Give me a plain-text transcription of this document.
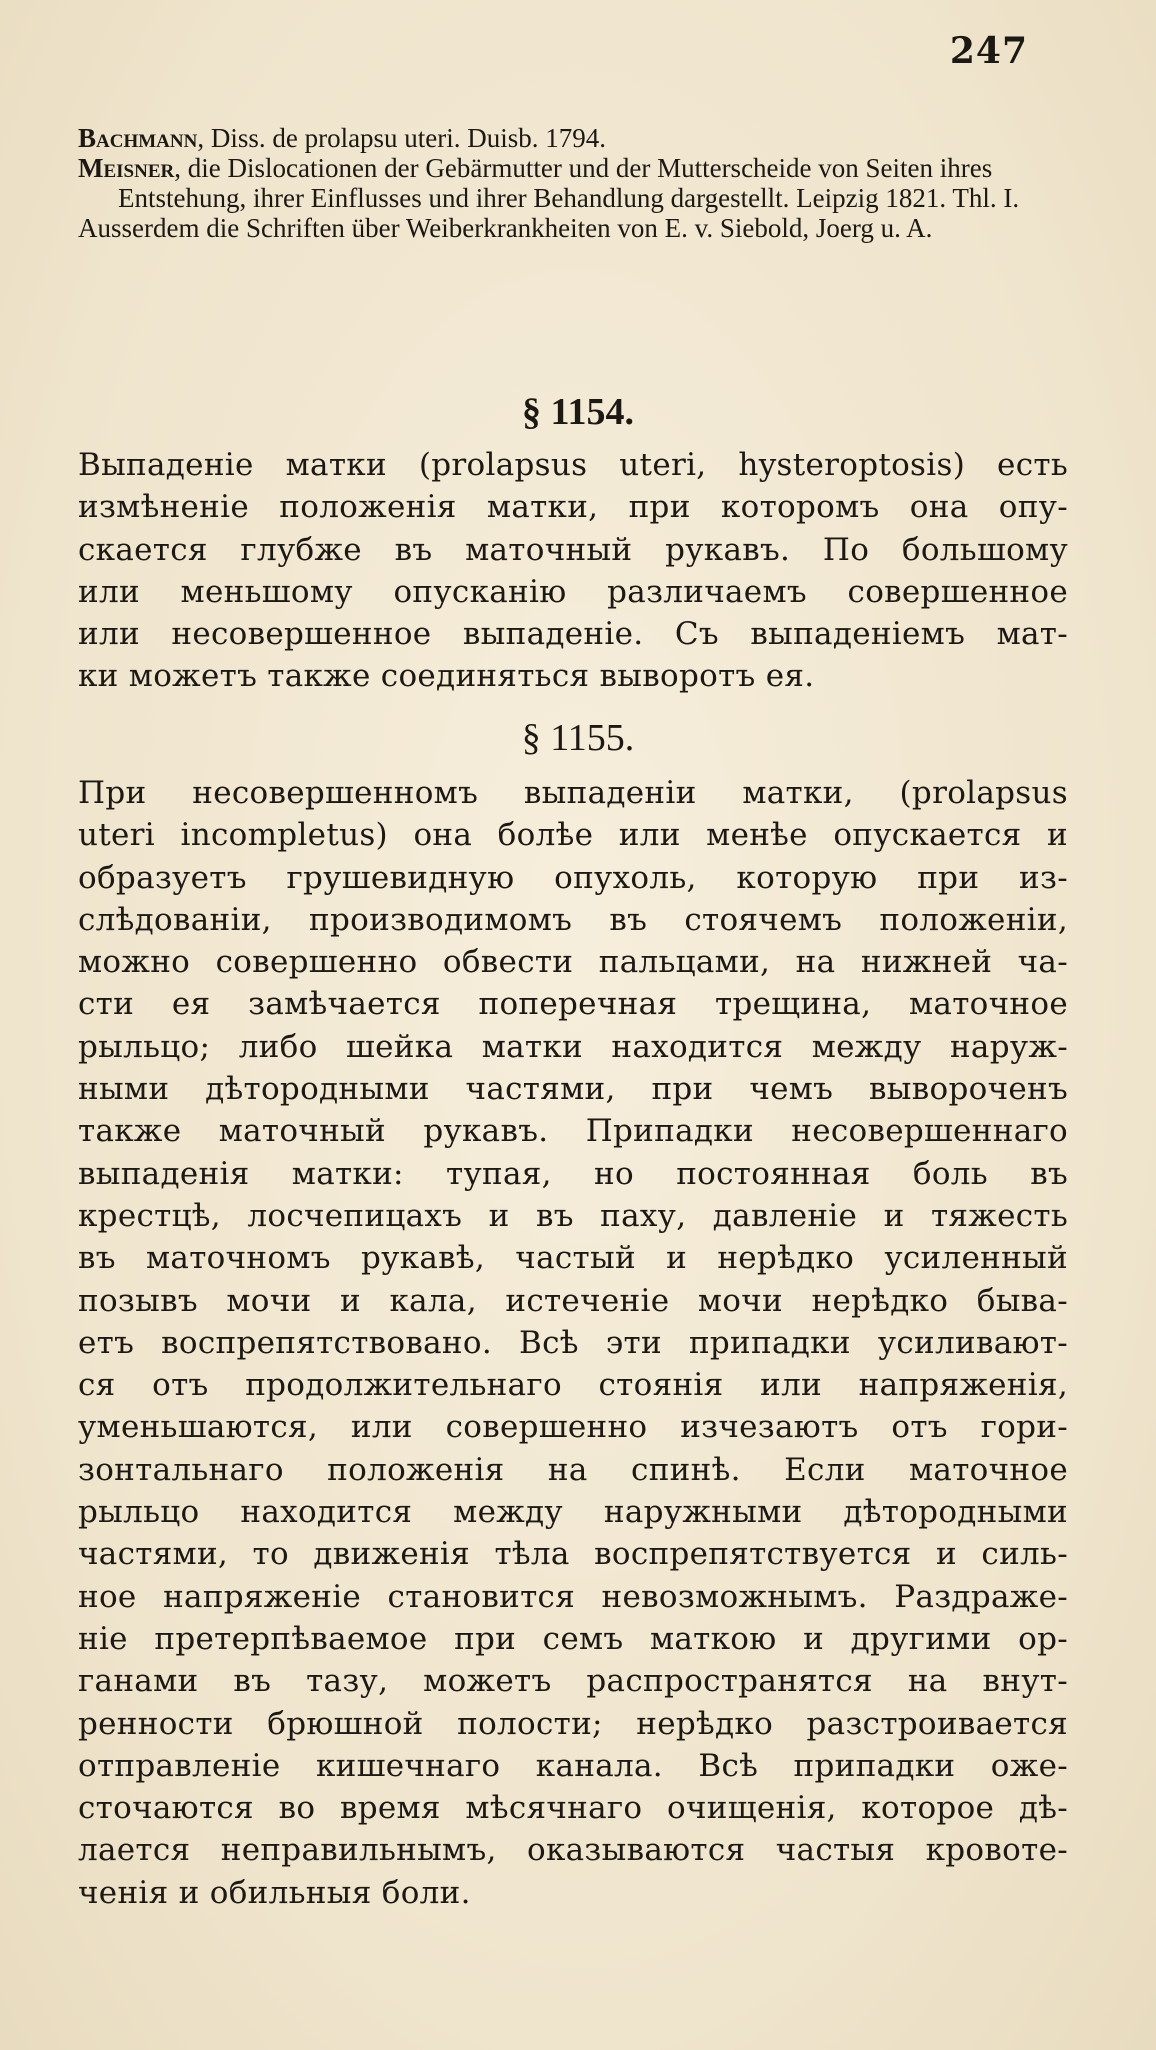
247

Bachmann, Diss. de prolapsu uteri. Duisb. 1794.

Meisner, die Dislocationen der Gebärmutter und der Mutterscheide von Seiten ihres Entstehung, ihrer Einflusses und ihrer Behandlung dargestellt. Leipzig 1821. Thl. I.

Ausserdem die Schriften über Weiberkrankheiten von E. v. Siebold, Joerg u. A.

§ 1154.
Выпаденіе матки (prolapsus uteri, hysteroptosis) есть
измѣненіе положенія матки, при которомъ она опу-
скается глубже въ маточный рукавъ. По большому
или меньшому опусканію различаемъ совершенное
или несовершенное выпаденіе. Съ выпаденіемъ мат-
ки можетъ также соединяться выворотъ ея.
§ 1155.
При несовершенномъ выпаденіи матки, (prolapsus
uteri incompletus) она болѣе или менѣе опускается и
образуетъ грушевидную опухоль, которую при из-
слѣдованіи, производимомъ въ стоячемъ положеніи,
можно совершенно обвести пальцами, на нижней ча-
сти ея замѣчается поперечная трещина, маточное
рыльцо; либо шейка матки находится между наруж-
ными дѣтородными частями, при чемъ вывороченъ
также маточный рукавъ. Припадки несовершеннаго
выпаденія матки: тупая, но постоянная боль въ
крестцѣ, лосчепицахъ и въ паху, давленіе и тяжесть
въ маточномъ рукавѣ, частый и нерѣдко усиленный
позывъ мочи и кала, истеченіе мочи нерѣдко быва-
етъ воспрепятствовано. Всѣ эти припадки усиливают-
ся отъ продолжительнаго стоянія или напряженія,
уменьшаются, или совершенно изчезаютъ отъ гори-
зонтальнаго положенія на спинѣ. Если маточное
рыльцо находится между наружными дѣтородными
частями, то движенія тѣла воспрепятствуется и силь-
ное напряженіе становится невозможнымъ. Раздраже-
ніе претерпѣваемое при семъ маткою и другими ор-
ганами въ тазу, можетъ распространятся на внут-
ренности брюшной полости; нерѣдко разстроивается
отправленіе кишечнаго канала. Всѣ припадки оже-
сточаются во время мѣсячнаго очищенія, которое дѣ-
лается неправильнымъ, оказываются частыя кровоте-
ченія и обильныя боли.
